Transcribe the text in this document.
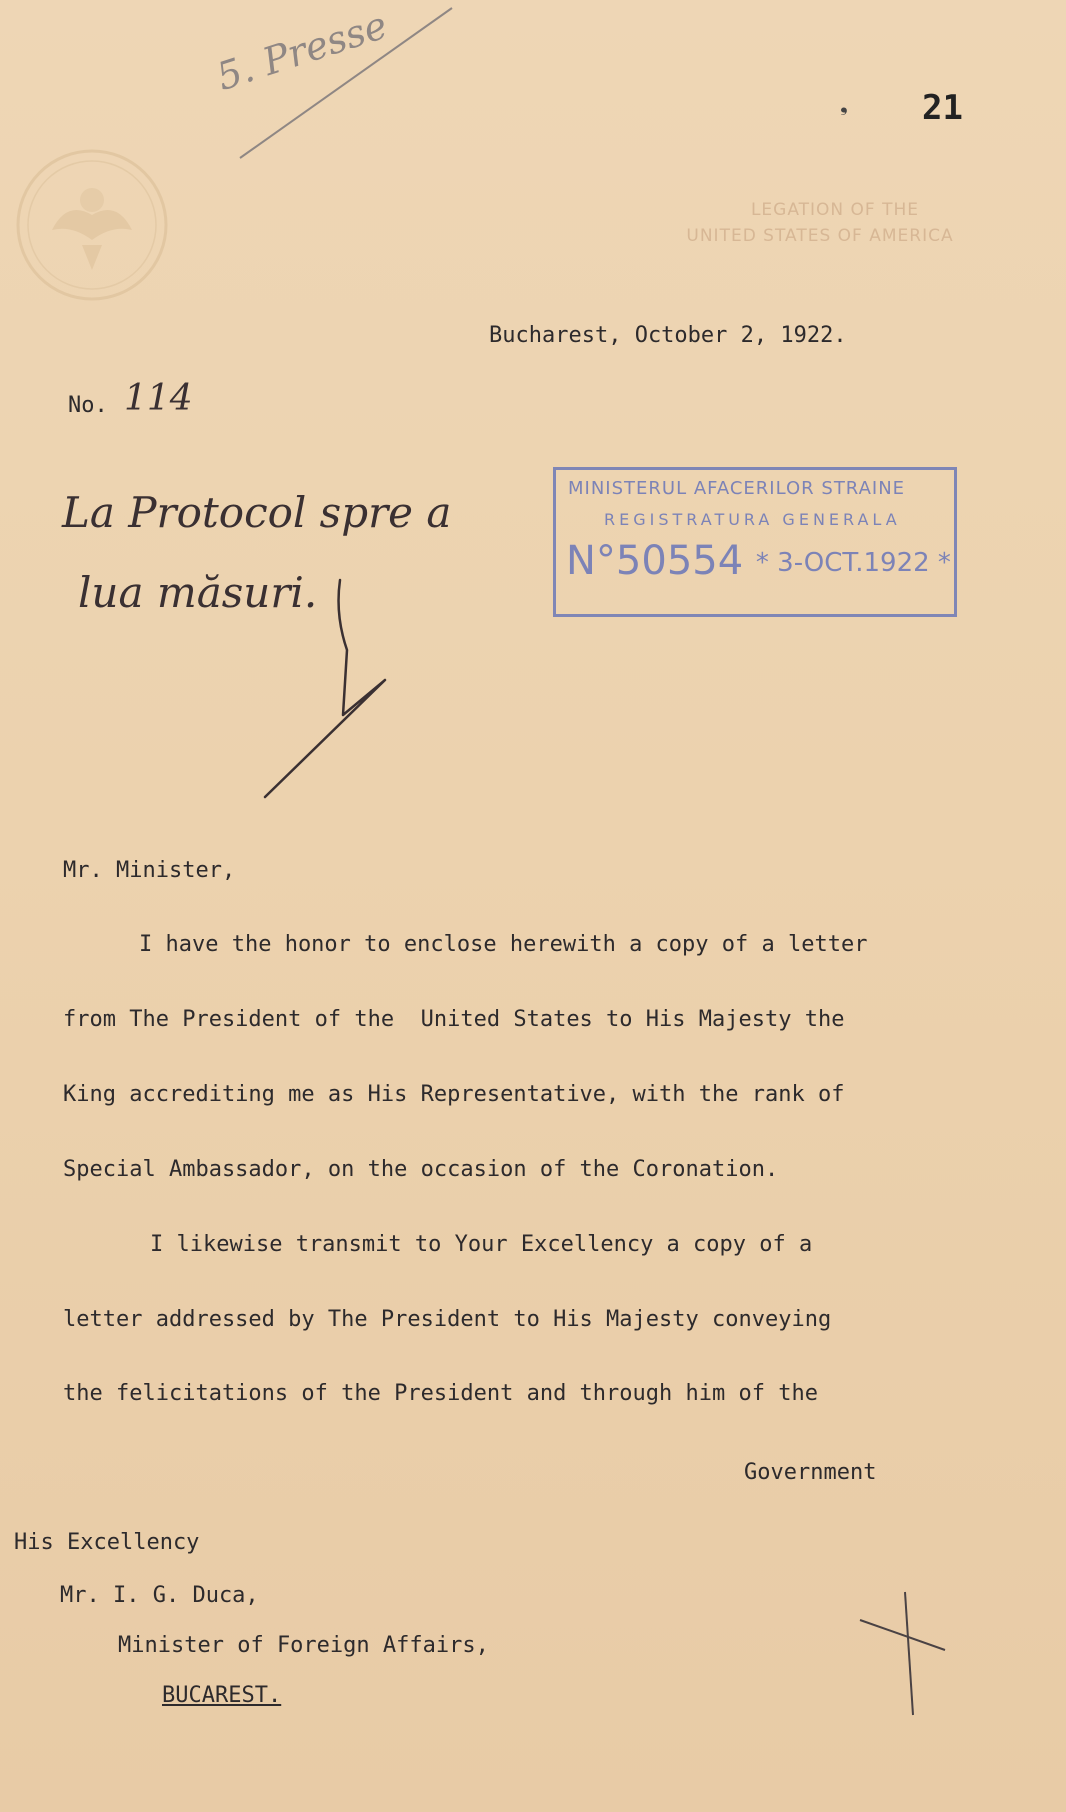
LEGATION OF THE
UNITED STATES OF AMERICA
5. Presse
21
❟
Bucharest, October 2, 1922.
No. 114
La Protocol spre a
lua măsuri.
MINISTERUL AFACERILOR STRAINE
REGISTRATURA GENERALA
N°50554 * 3-OCT.1922 *
Mr. Minister,
I have the honor to enclose herewith a copy of a letter
from The President of the  United States to His Majesty the
King accrediting me as His Representative, with the rank of
Special Ambassador, on the occasion of the Coronation.
I likewise transmit to Your Excellency a copy of a
letter addressed by The President to His Majesty conveying
the felicitations of the President and through him of the
Government
His Excellency
Mr. I. G. Duca,
Minister of Foreign Affairs,
BUCAREST.
